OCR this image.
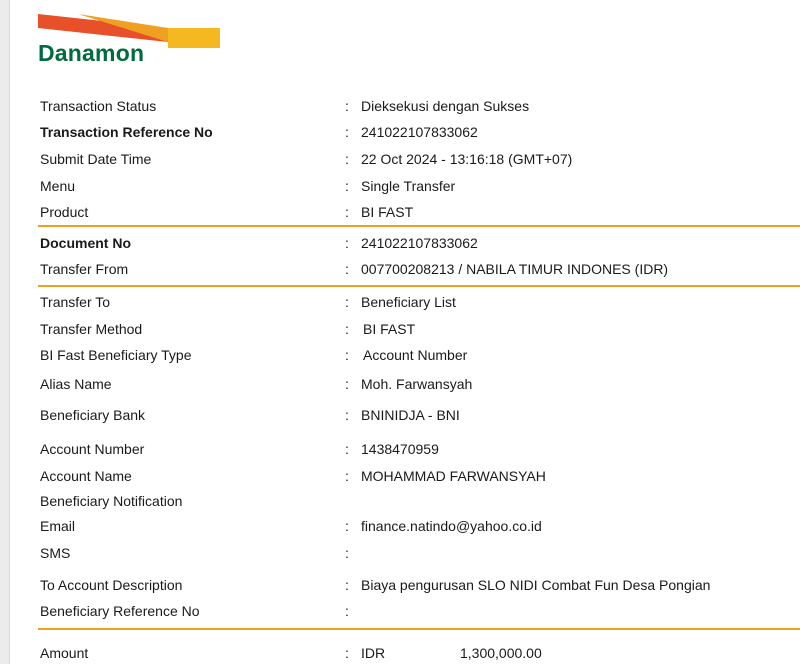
Danamon
Transaction Status	: Dieksekusi dengan Sukses
Transaction Reference No	: 241022107833062
Submit Date Time	: 22 Oct 2024 - 13:16:18 (GMT+07)
Menu	: Single Transfer
Product	: BI FAST
Document No	: 241022107833062
Transfer From	: 007700208213 / NABILA TIMUR INDONES (IDR)
Transfer To	: Beneficiary List
Transfer Method	: BI FAST
BI Fast Beneficiary Type	: Account Number
Alias Name	: Moh. Farwansyah
Beneficiary Bank	: BNINIDJA - BNI
Account Number	: 1438470959
Account Name	: MOHAMMAD FARWANSYAH
Beneficiary Notification
Email	: finance.natindo@yahoo.co.id
SMS	:
To Account Description	: Biaya pengurusan SLO NIDI Combat Fun Desa Pongian
Beneficiary Reference No	:
Amount	: IDR	1,300,000.00
